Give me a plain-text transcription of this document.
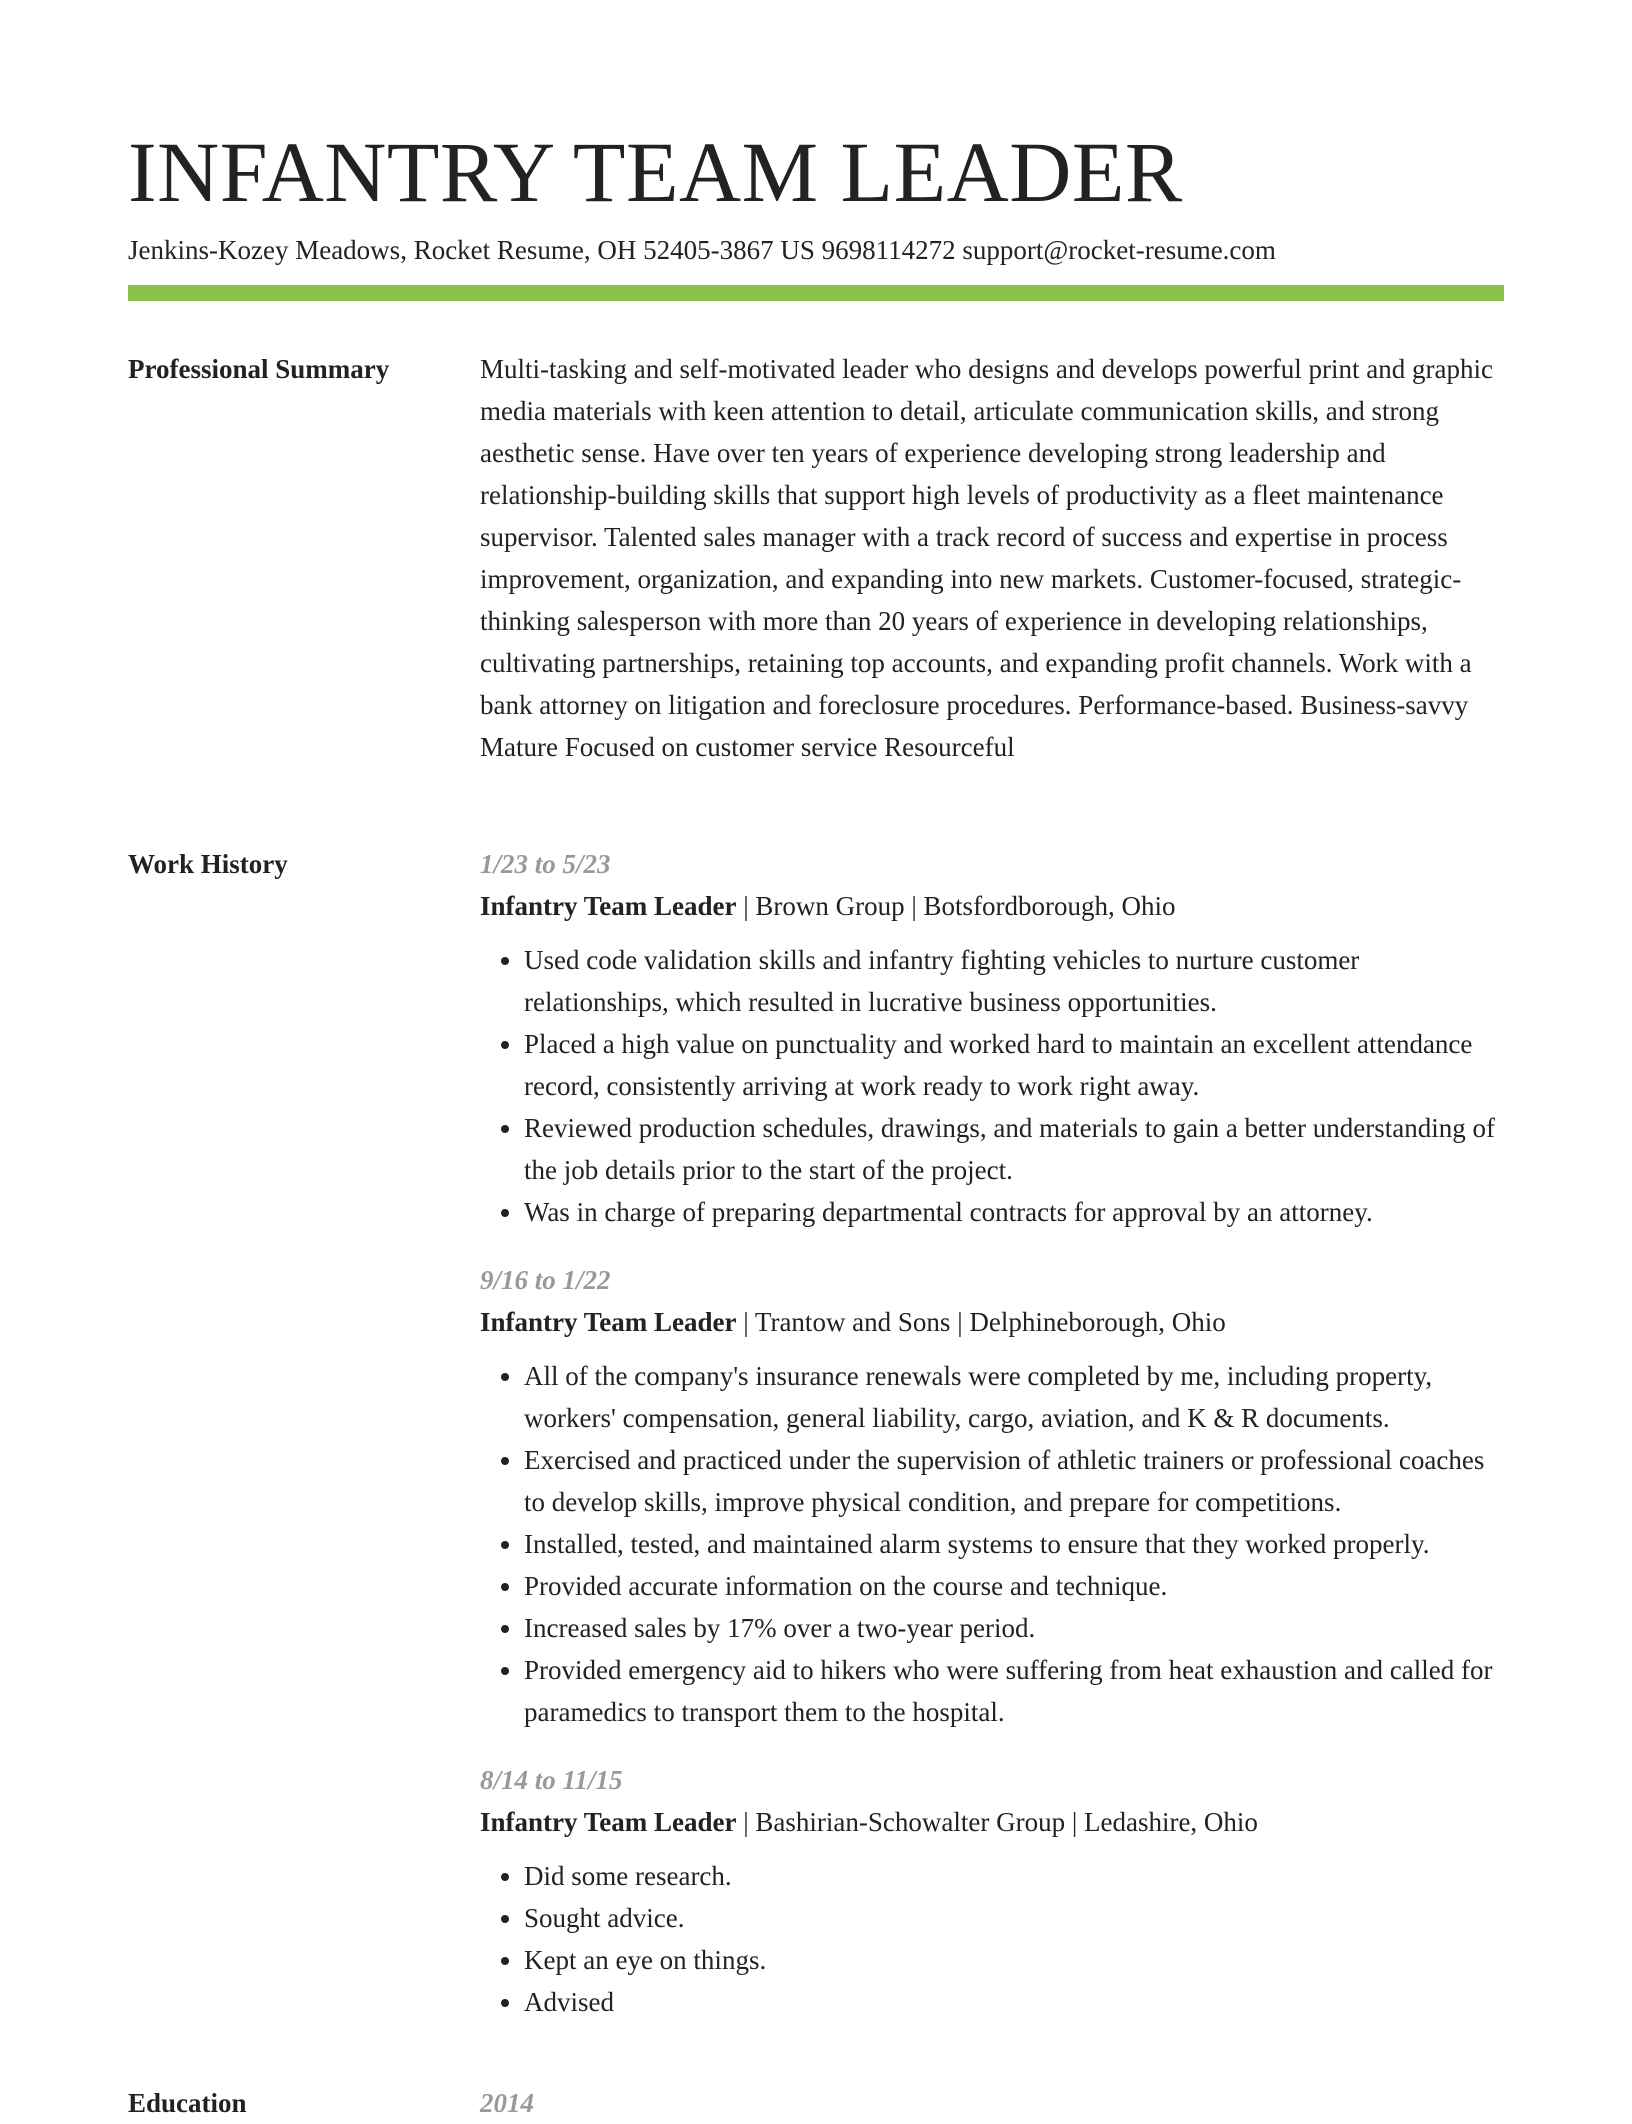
INFANTRY TEAM LEADER
Jenkins-Kozey Meadows, Rocket Resume, OH 52405-3867 US 9698114272 support@rocket-resume.com
Professional Summary	Multi-tasking and self-motivated leader who designs and develops powerful print and graphic media materials with keen attention to detail, articulate communication skills, and strong aesthetic sense. Have over ten years of experience developing strong leadership and relationship-building skills that support high levels of productivity as a fleet maintenance supervisor. Talented sales manager with a track record of success and expertise in process improvement, organization, and expanding into new markets. Customer-focused, strategic-thinking salesperson with more than 20 years of experience in developing relationships, cultivating partnerships, retaining top accounts, and expanding profit channels. Work with a bank attorney on litigation and foreclosure procedures. Performance-based. Business-savvy Mature Focused on customer service Resourceful

Work History	1/23 to 5/23
Infantry Team Leader | Brown Group | Botsfordborough, Ohio
• Used code validation skills and infantry fighting vehicles to nurture customer relationships, which resulted in lucrative business opportunities.
• Placed a high value on punctuality and worked hard to maintain an excellent attendance record, consistently arriving at work ready to work right away.
• Reviewed production schedules, drawings, and materials to gain a better understanding of the job details prior to the start of the project.
• Was in charge of preparing departmental contracts for approval by an attorney.
9/16 to 1/22
Infantry Team Leader | Trantow and Sons | Delphineborough, Ohio
• All of the company's insurance renewals were completed by me, including property, workers' compensation, general liability, cargo, aviation, and K & R documents.
• Exercised and practiced under the supervision of athletic trainers or professional coaches to develop skills, improve physical condition, and prepare for competitions.
• Installed, tested, and maintained alarm systems to ensure that they worked properly.
• Provided accurate information on the course and technique.
• Increased sales by 17% over a two-year period.
• Provided emergency aid to hikers who were suffering from heat exhaustion and called for paramedics to transport them to the hospital.
8/14 to 11/15
Infantry Team Leader | Bashirian-Schowalter Group | Ledashire, Ohio
• Did some research.
• Sought advice.
• Kept an eye on things.
• Advised
Education	2014
